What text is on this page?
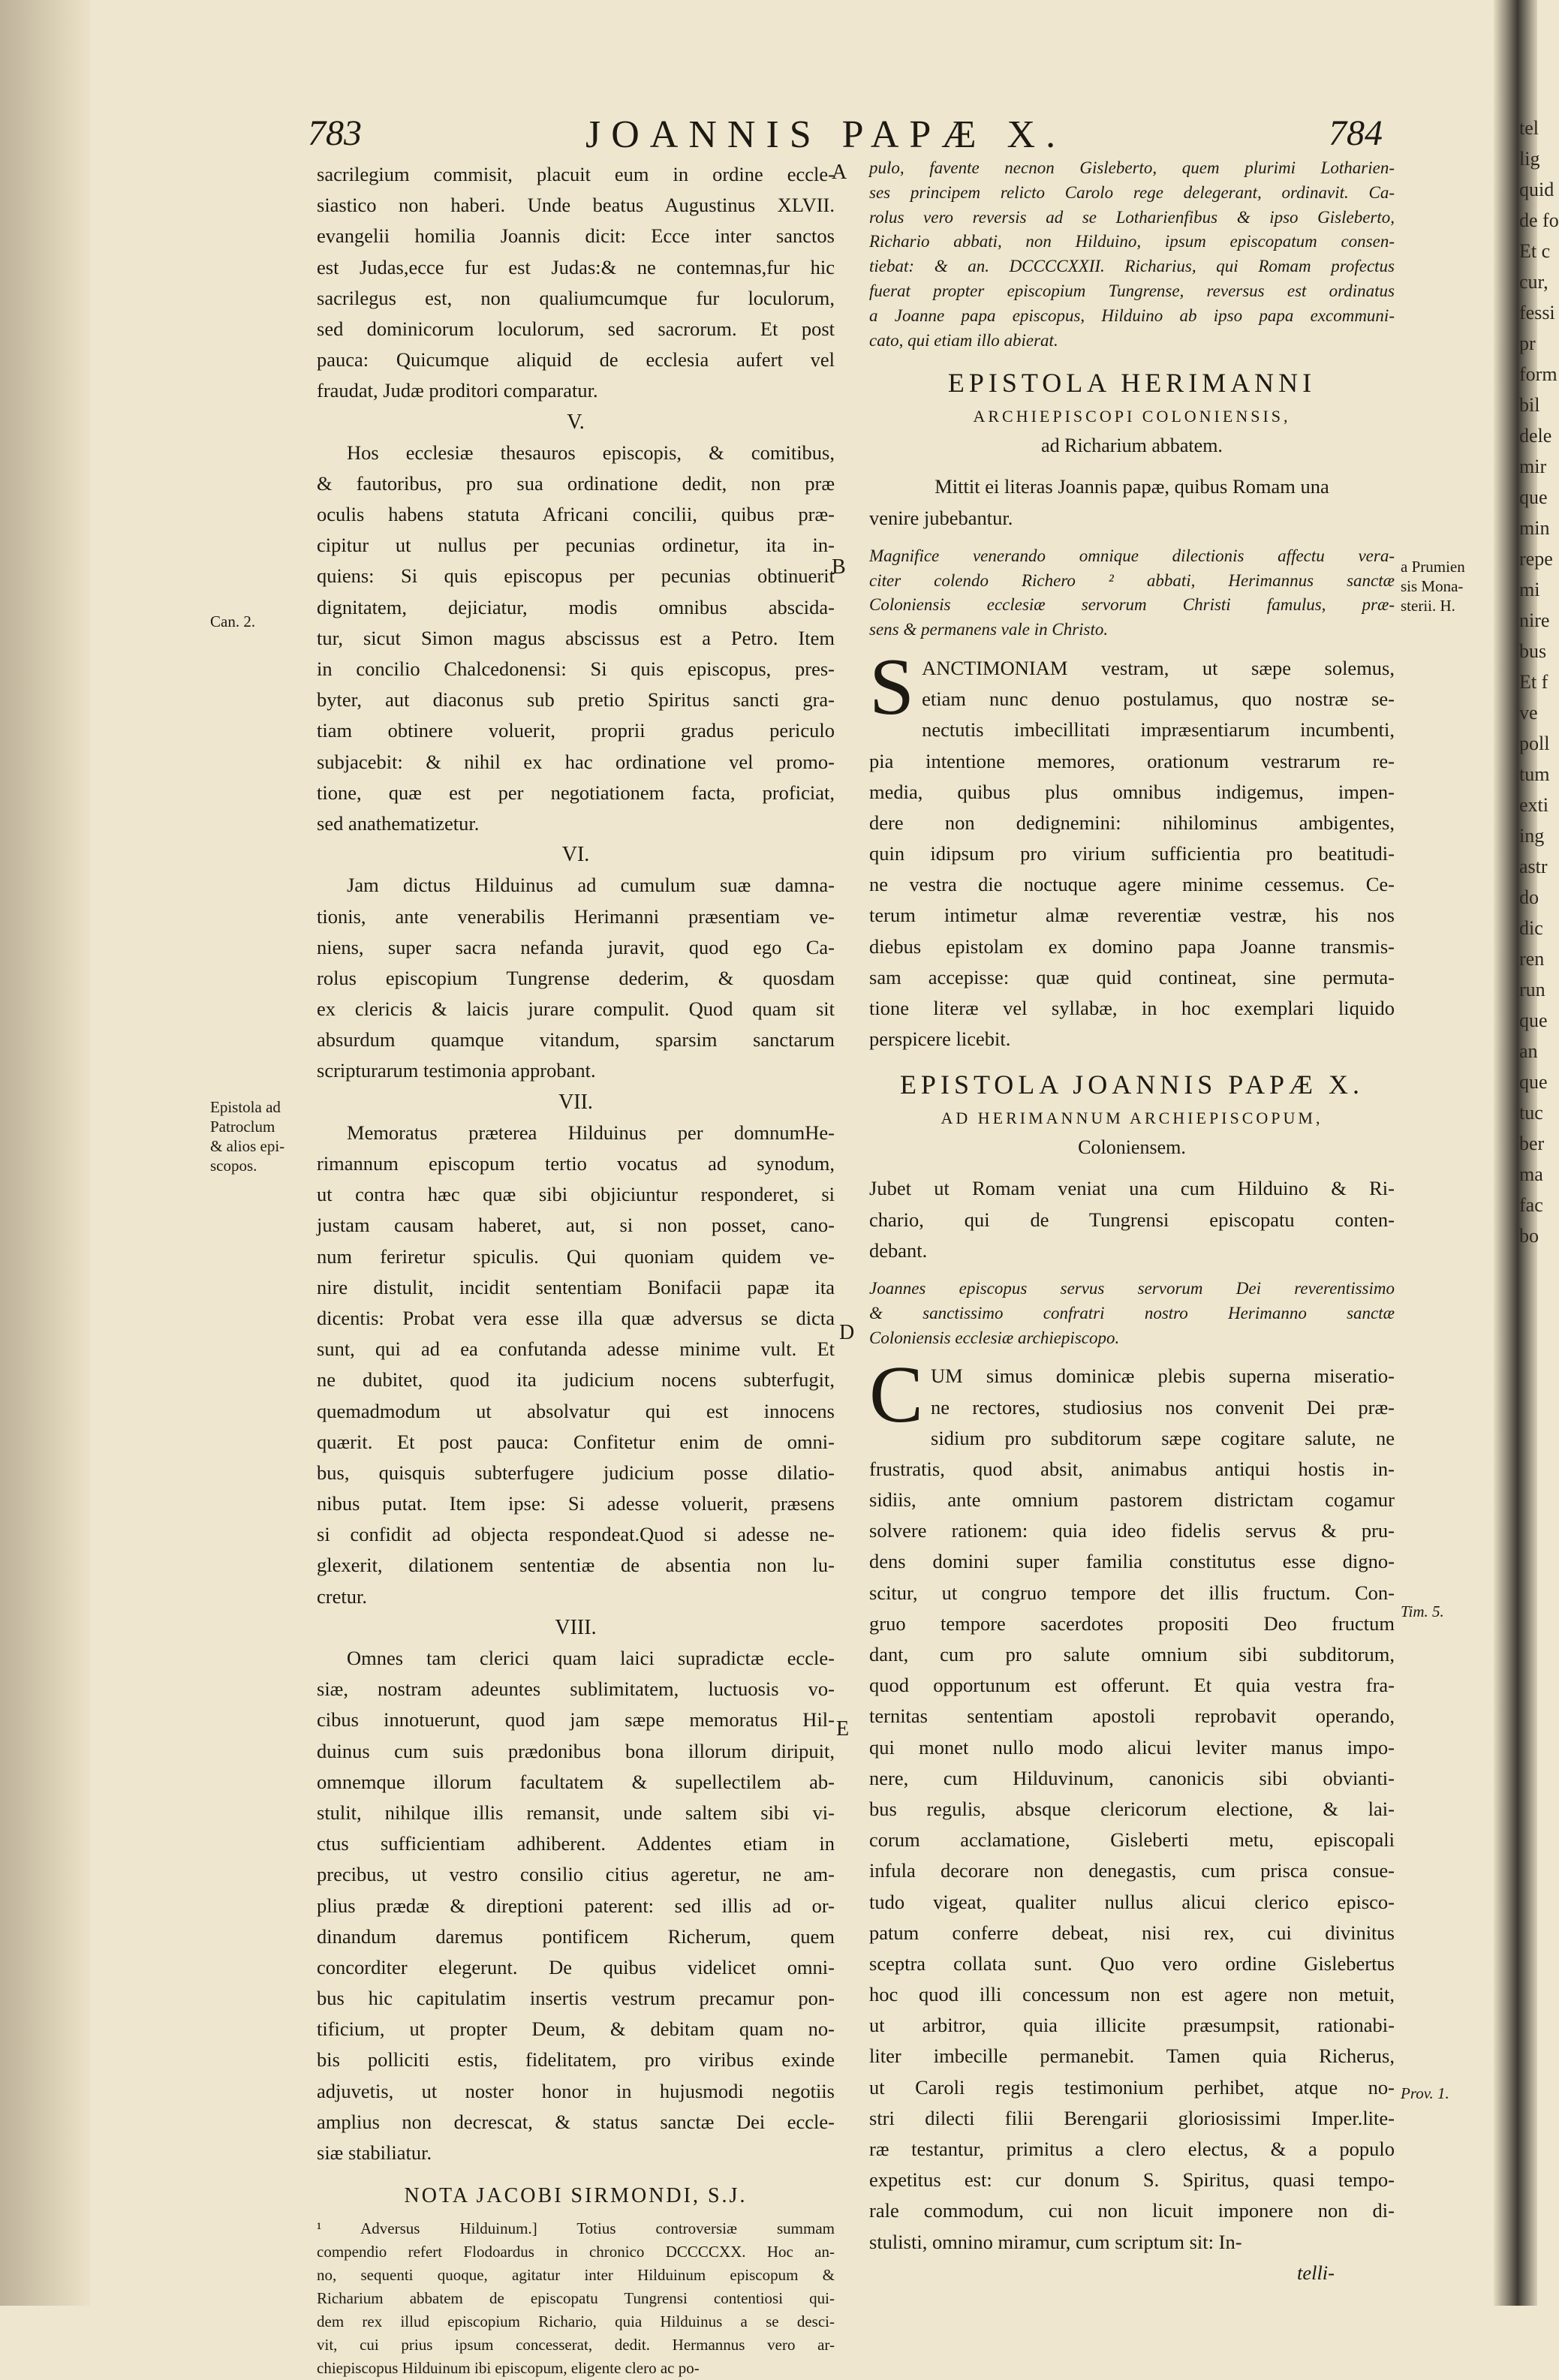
tel
lig
quid
de fo
Et c
cur,
fessi
pr
form
bil
dele
mir
que
min
repe
mi
nire
bus
Et f
ve
poll
tum
exti
ing
astr
do
dic
ren
run
que
an
que
tuc
ber
ma
fac
bo
783	JOANNIS PAPÆ X.	784
sacrilegium commisit, placuit eum in ordine eccle-
siastico non haberi. Unde beatus Augustinus XLVII.
evangelii homilia Joannis dicit: Ecce inter sanctos
est Judas,ecce fur est Judas:& ne contemnas,fur hic
sacrilegus est, non qualiumcumque fur loculorum,
sed dominicorum loculorum, sed sacrorum. Et post
pauca: Quicumque aliquid de ecclesia aufert vel
fraudat, Judæ proditori comparatur.
V.
Hos ecclesiæ thesauros episcopis, & comitibus,
& fautoribus, pro sua ordinatione dedit, non præ
oculis habens statuta Africani concilii, quibus præ-
cipitur ut nullus per pecunias ordinetur, ita in-
quiens: Si quis episcopus per pecunias obtinuerit
dignitatem, dejiciatur, modis omnibus abscida-
tur, sicut Simon magus abscissus est a Petro. Item
in concilio Chalcedonensi: Si quis episcopus, pres-
byter, aut diaconus sub pretio Spiritus sancti gra-
tiam obtinere voluerit, proprii gradus periculo
subjacebit: & nihil ex hac ordinatione vel promo-
tione, quæ est per negotiationem facta, proficiat,
sed anathematizetur.
VI.
Jam dictus Hilduinus ad cumulum suæ damna-
tionis, ante venerabilis Herimanni præsentiam ve-
niens, super sacra nefanda juravit, quod ego Ca-
rolus episcopium Tungrense dederim, & quosdam
ex clericis & laicis jurare compulit. Quod quam sit
absurdum quamque vitandum, sparsim sanctarum
scripturarum testimonia approbant.
VII.
Memoratus præterea Hilduinus per domnumHe-
rimannum episcopum tertio vocatus ad synodum,
ut contra hæc quæ sibi objiciuntur responderet, si
justam causam haberet, aut, si non posset, cano-
num feriretur spiculis. Qui quoniam quidem ve-
nire distulit, incidit sententiam Bonifacii papæ ita
dicentis: Probat vera esse illa quæ adversus se dicta
sunt, qui ad ea confutanda adesse minime vult. Et
ne dubitet, quod ita judicium nocens subterfugit,
quemadmodum ut absolvatur qui est innocens
quærit. Et post pauca: Confitetur enim de omni-
bus, quisquis subterfugere judicium posse dilatio-
nibus putat. Item ipse: Si adesse voluerit, præsens
si confidit ad objecta respondeat.Quod si adesse ne-
glexerit, dilationem sententiæ de absentia non lu-
cretur.
VIII.
Omnes tam clerici quam laici supradictæ eccle-
siæ, nostram adeuntes sublimitatem, luctuosis vo-
cibus innotuerunt, quod jam sæpe memoratus Hil-
duinus cum suis prædonibus bona illorum diripuit,
omnemque illorum facultatem & supellectilem ab-
stulit, nihilque illis remansit, unde saltem sibi vi-
ctus sufficientiam adhiberent. Addentes etiam in
precibus, ut vestro consilio citius ageretur, ne am-
plius prædæ & direptioni paterent: sed illis ad or-
dinandum daremus pontificem Richerum, quem
concorditer elegerunt. De quibus videlicet omni-
bus hic capitulatim insertis vestrum precamur pon-
tificium, ut propter Deum, & debitam quam no-
bis polliciti estis, fidelitatem, pro viribus exinde
adjuvetis, ut noster honor in hujusmodi negotiis
amplius non decrescat, & status sanctæ Dei eccle-
siæ stabiliatur.
NOTA JACOBI SIRMONDI, S.J.
¹ Adversus Hilduinum.] Totius controversiæ summam
compendio refert Flodoardus in chronico DCCCCXX. Hoc an-
no, sequenti quoque, agitatur inter Hilduinum episcopum &
Richarium abbatem de episcopatu Tungrensi contentiosi qui-
dem rex illud episcopium Richario, quia Hilduinus a se desci-
vit, cui prius ipsum concesserat, dedit. Hermannus vero ar-
chiepiscopus Hilduinum ibi episcopum, eligente clero ac po-
Can. 2.
Epistola ad
Patroclum
& alios epi-
scopos.
A
B
D
E
pulo, favente necnon Gisleberto, quem plurimi Lotharien-
ses principem relicto Carolo rege delegerant, ordinavit. Ca-
rolus vero reversis ad se Lotharienfibus & ipso Gisleberto,
Richario abbati, non Hilduino, ipsum episcopatum consen-
tiebat: & an. DCCCCXXII. Richarius, qui Romam profectus
fuerat propter episcopium Tungrense, reversus est ordinatus
a Joanne papa episcopus, Hilduino ab ipso papa excommuni-
cato, qui etiam illo abierat.
EPISTOLA HERIMANNI
ARCHIEPISCOPI COLONIENSIS,
ad Richarium abbatem.
Mittit ei literas Joannis papæ, quibus Romam una
venire jubebantur.
Magnifice venerando omnique dilectionis affectu vera-
citer colendo Richero ² abbati, Herimannus sanctæ
Coloniensis ecclesiæ servorum Christi famulus, præ-
sens & permanens vale in Christo.
S ANCTIMONIAM vestram, ut sæpe solemus,
etiam nunc denuo postulamus, quo nostræ se-
nectutis imbecillitati impræsentiarum incumbenti,
pia intentione memores, orationum vestrarum re-
media, quibus plus omnibus indigemus, impen-
dere non dedignemini: nihilominus ambigentes,
quin idipsum pro virium sufficientia pro beatitudi-
ne vestra die noctuque agere minime cessemus. Ce-
terum intimetur almæ reverentiæ vestræ, his nos
diebus epistolam ex domino papa Joanne transmis-
sam accepisse: quæ quid contineat, sine permuta-
tione literæ vel syllabæ, in hoc exemplari liquido
perspicere licebit.
EPISTOLA JOANNIS PAPÆ X.
AD HERIMANNUM ARCHIEPISCOPUM,
Coloniensem.
Jubet ut Romam veniat una cum Hilduino & Ri-
chario, qui de Tungrensi episcopatu conten-
debant.
Joannes episcopus servus servorum Dei reverentissimo
& sanctissimo confratri nostro Herimanno sanctæ
Coloniensis ecclesiæ archiepiscopo.
C UM simus dominicæ plebis superna miseratio-
ne rectores, studiosius nos convenit Dei præ-
sidium pro subditorum sæpe cogitare salute, ne
frustratis, quod absit, animabus antiqui hostis in-
sidiis, ante omnium pastorem districtam cogamur
solvere rationem: quia ideo fidelis servus & pru-
dens domini super familia constitutus esse digno-
scitur, ut congruo tempore det illis fructum. Con-
gruo tempore sacerdotes propositi Deo fructum
dant, cum pro salute omnium sibi subditorum,
quod opportunum est offerunt. Et quia vestra fra-
ternitas sententiam apostoli reprobavit operando,
qui monet nullo modo alicui leviter manus impo-
nere, cum Hilduvinum, canonicis sibi obvianti-
bus regulis, absque clericorum electione, & lai-
corum acclamatione, Gisleberti metu, episcopali
infula decorare non denegastis, cum prisca consue-
tudo vigeat, qualiter nullus alicui clerico episco-
patum conferre debeat, nisi rex, cui divinitus
sceptra collata sunt. Quo vero ordine Gislebertus
hoc quod illi concessum non est agere non metuit,
ut arbitror, quia illicite præsumpsit, rationabi-
liter imbecille permanebit. Tamen quia Richerus,
ut Caroli regis testimonium perhibet, atque no-
stri dilecti filii Berengarii gloriosissimi Imper.lite-
ræ testantur, primitus a clero electus, & a populo
expetitus est: cur donum S. Spiritus, quasi tempo-
rale commodum, cui non licuit imponere non di-
stulisti, omnino miramur, cum scriptum sit: In-
telli-
a Prumien
sis Mona-
sterii. H.
Tim. 5.
Prov. 1.
